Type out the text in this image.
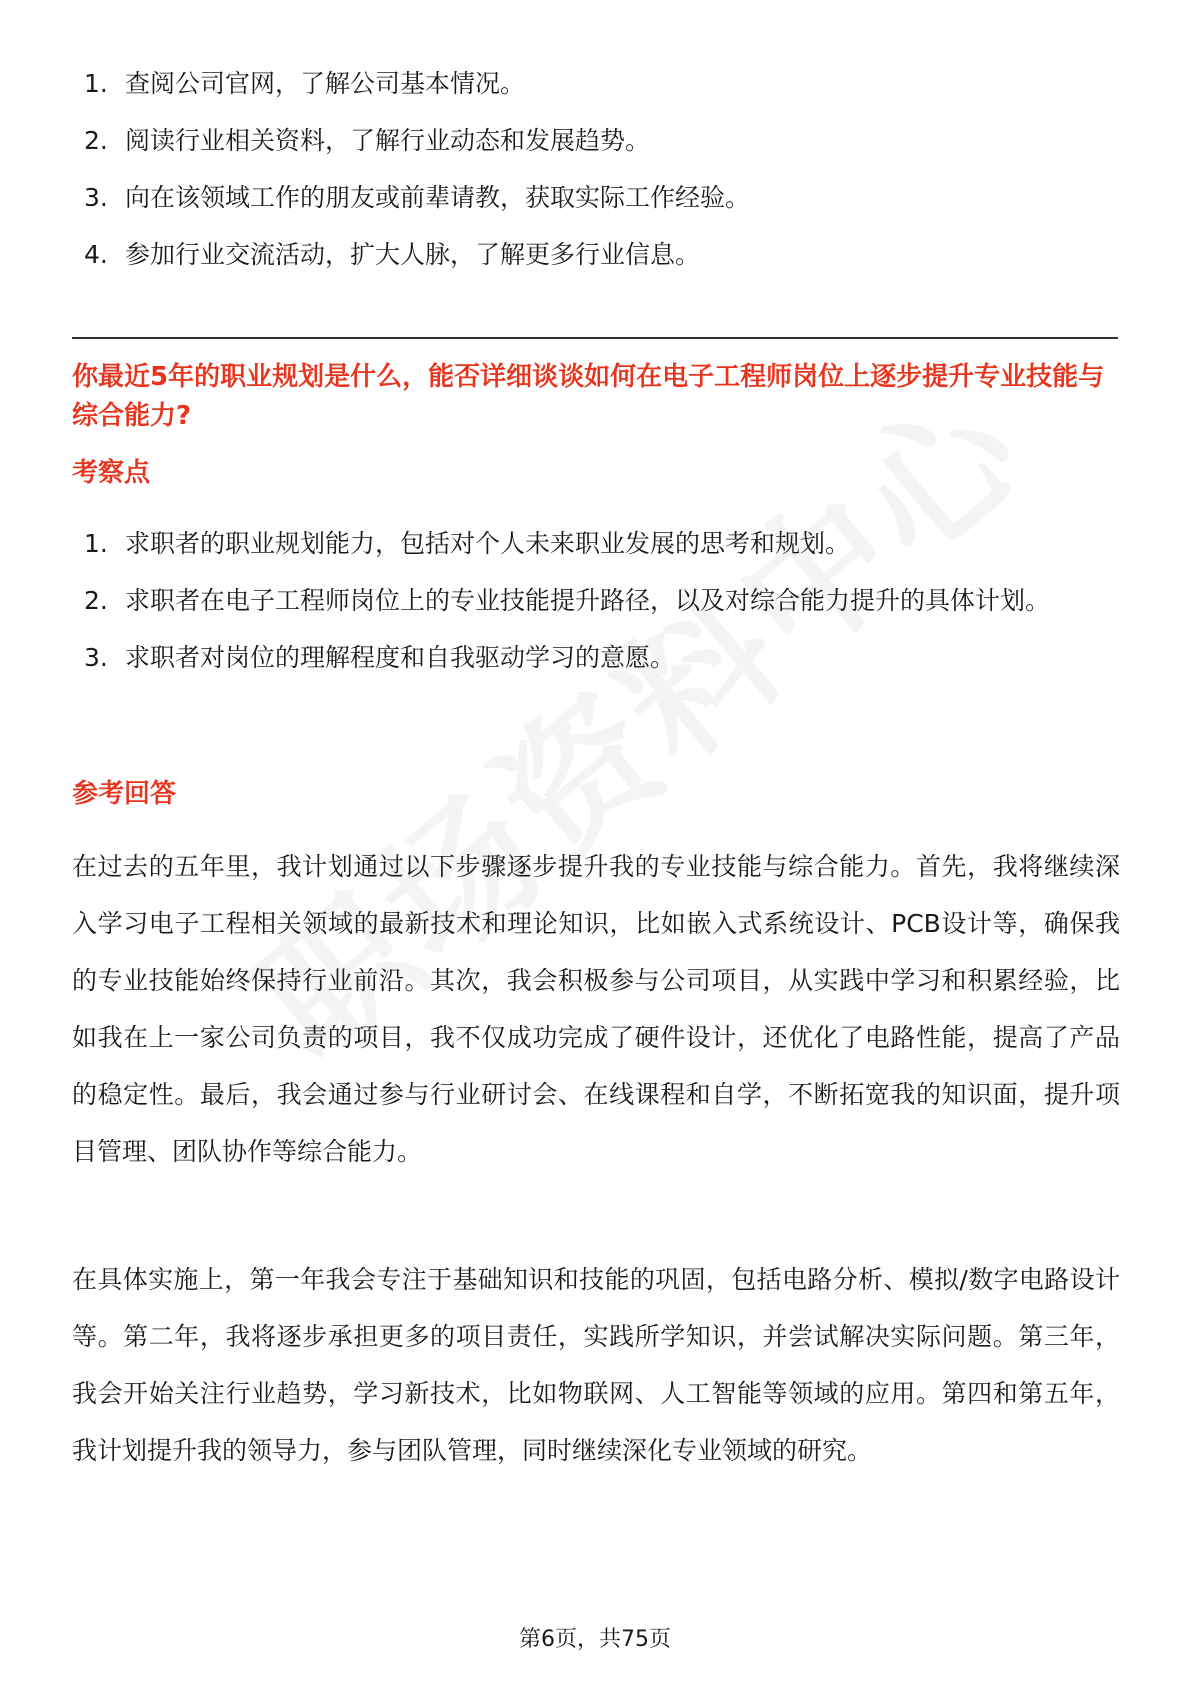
1. 查阅公司官网，了解公司基本情况。
2. 阅读行业相关资料，了解行业动态和发展趋势。
3. 向在该领域工作的朋友或前辈请教，获取实际工作经验。
4. 参加行业交流活动，扩大人脉，了解更多行业信息。
你最近5年的职业规划是什么，能否详细谈谈如何在电子工程师岗位上逐步提升专业技能与综合能力?
考察点
1. 求职者的职业规划能力，包括对个人未来职业发展的思考和规划。
2. 求职者在电子工程师岗位上的专业技能提升路径，以及对综合能力提升的具体计划。
3. 求职者对岗位的理解程度和自我驱动学习的意愿。
参考回答

在过去的五年里，我计划通过以下步骤逐步提升我的专业技能与综合能力。首先，我将继续深入学习电子工程相关领域的最新技术和理论知识，比如嵌入式系统设计、PCB设计等，确保我的专业技能始终保持行业前沿。其次，我会积极参与公司项目，从实践中学习和积累经验，比如我在上一家公司负责的项目，我不仅成功完成了硬件设计，还优化了电路性能，提高了产品的稳定性。最后，我会通过参与行业研讨会、在线课程和自学，不断拓宽我的知识面，提升项目管理、团队协作等综合能力。

在具体实施上，第一年我会专注于基础知识和技能的巩固，包括电路分析、模拟/数字电路设计等。第二年，我将逐步承担更多的项目责任，实践所学知识，并尝试解决实际问题。第三年，我会开始关注行业趋势，学习新技术，比如物联网、人工智能等领域的应用。第四和第五年，我计划提升我的领导力，参与团队管理，同时继续深化专业领域的研究。

第6页，共75页
